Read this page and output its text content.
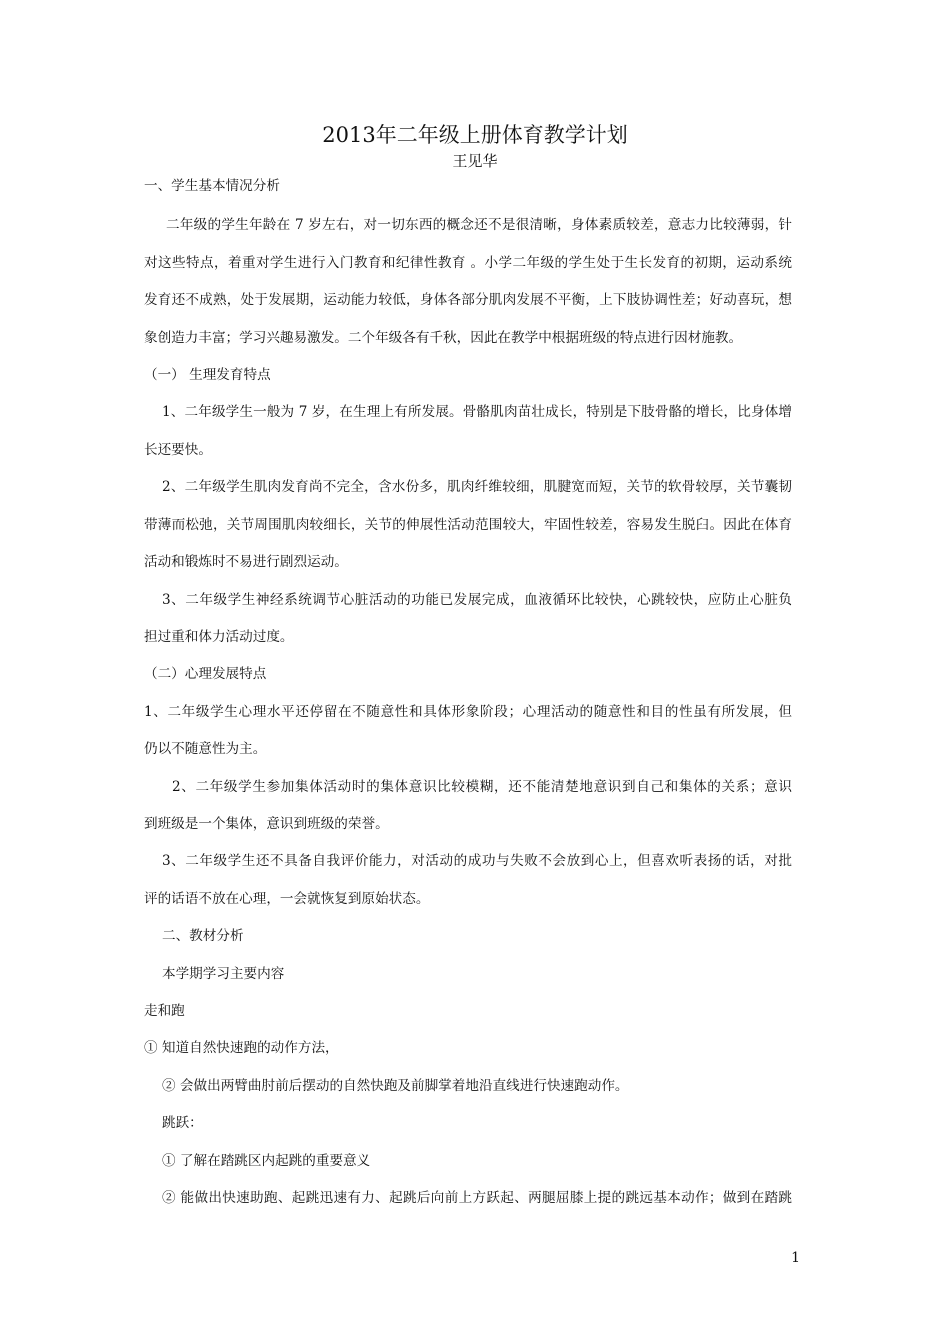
2013年二年级上册体育教学计划
王见华
一、学生基本情况分析
二年级的学生年龄在 7 岁左右，对一切东西的概念还不是很清晰，身体素质较差，意志力比较薄弱，针
对这些特点，着重对学生进行入门教育和纪律性教育 。小学二年级的学生处于生长发育的初期，运动系统
发育还不成熟，处于发展期，运动能力较低，身体各部分肌肉发展不平衡，上下肢协调性差；好动喜玩，想
象创造力丰富；学习兴趣易激发。二个年级各有千秋，因此在教学中根据班级的特点进行因材施教。
（一） 生理发育特点
1、二年级学生一般为 7 岁，在生理上有所发展。骨骼肌肉苗壮成长，特别是下肢骨骼的增长，比身体增
长还要快。
2、二年级学生肌肉发育尚不完全，含水份多，肌肉纤维较细，肌腱宽而短，关节的软骨较厚，关节囊韧
带薄而松弛，关节周围肌肉较细长，关节的伸展性活动范围较大，牢固性较差，容易发生脱臼。因此在体育
活动和锻炼时不易进行剧烈运动。
3、二年级学生神经系统调节心脏活动的功能已发展完成，血液循环比较快，心跳较快，应防止心脏负
担过重和体力活动过度。
（二）心理发展特点
1、二年级学生心理水平还停留在不随意性和具体形象阶段；心理活动的随意性和目的性虽有所发展，但
仍以不随意性为主。
2、二年级学生参加集体活动时的集体意识比较模糊，还不能清楚地意识到自己和集体的关系；意识
到班级是一个集体，意识到班级的荣誉。
3、二年级学生还不具备自我评价能力，对活动的成功与失败不会放到心上，但喜欢听表扬的话，对批
评的话语不放在心理，一会就恢复到原始状态。
二、教材分析
本学期学习主要内容
走和跑
① 知道自然快速跑的动作方法，
② 会做出两臂曲肘前后摆动的自然快跑及前脚掌着地沿直线进行快速跑动作。
跳跃：
① 了解在踏跳区内起跳的重要意义
② 能做出快速助跑、起跳迅速有力、起跳后向前上方跃起、两腿屈膝上提的跳远基本动作；做到在踏跳
1
